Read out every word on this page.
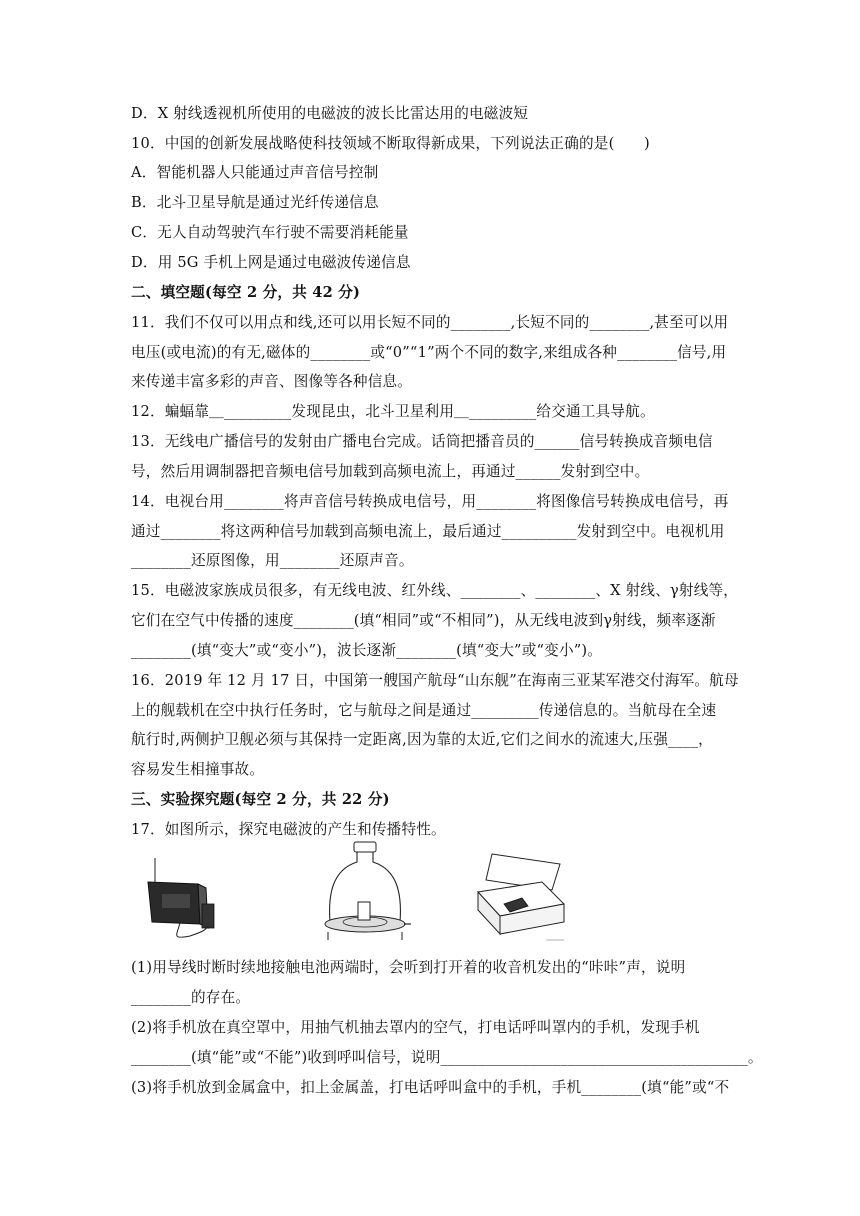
D．X 射线透视机所使用的电磁波的波长比雷达用的电磁波短
10．中国的创新发展战略使科技领域不断取得新成果，下列说法正确的是(　　)
A．智能机器人只能通过声音信号控制
B．北斗卫星导航是通过光纤传递信息
C．无人自动驾驶汽车行驶不需要消耗能量
D．用 5G 手机上网是通过电磁波传递信息
二、填空题(每空 2 分，共 42 分)
11．我们不仅可以用点和线,还可以用长短不同的________,长短不同的________,甚至可以用
电压(或电流)的有无,磁体的________或“0”“1”两个不同的数字,来组成各种________信号,用
来传递丰富多彩的声音、图像等各种信息。
12．蝙蝠靠＿_________发现昆虫，北斗卫星利用＿_________给交通工具导航。
13．无线电广播信号的发射由广播电台完成。话筒把播音员的______信号转换成音频电信
号，然后用调制器把音频电信号加载到高频电流上，再通过______发射到空中。
14．电视台用________将声音信号转换成电信号，用________将图像信号转换成电信号，再
通过________将这两种信号加载到高频电流上，最后通过__________发射到空中。电视机用
________还原图像，用________还原声音。
15．电磁波家族成员很多，有无线电波、红外线、________、________、X 射线、γ射线等，
它们在空气中传播的速度________(填“相同”或“不相同”)，从无线电波到γ射线，频率逐渐
________(填“变大”或“变小”)，波长逐渐________(填“变大”或“变小”)。
16．2019 年 12 月 17 日，中国第一艘国产航母“山东舰”在海南三亚某军港交付海军。航母
上的舰载机在空中执行任务时，它与航母之间是通过_________传递信息的。当航母在全速
航行时,两侧护卫舰必须与其保持一定距离,因为靠的太近,它们之间水的流速大,压强____，
容易发生相撞事故。
三、实验探究题(每空 2 分，共 22 分)
17．如图所示，探究电磁波的产生和传播特性。
(1)用导线时断时续地接触电池两端时，会听到打开着的收音机发出的“咔咔”声，说明
________的存在。
(2)将手机放在真空罩中，用抽气机抽去罩内的空气，打电话呼叫罩内的手机，发现手机
________(填“能”或“不能”)收到呼叫信号，说明_________________________________________。
(3)将手机放到金属盒中，扣上金属盖，打电话呼叫盒中的手机，手机________(填“能”或“不
